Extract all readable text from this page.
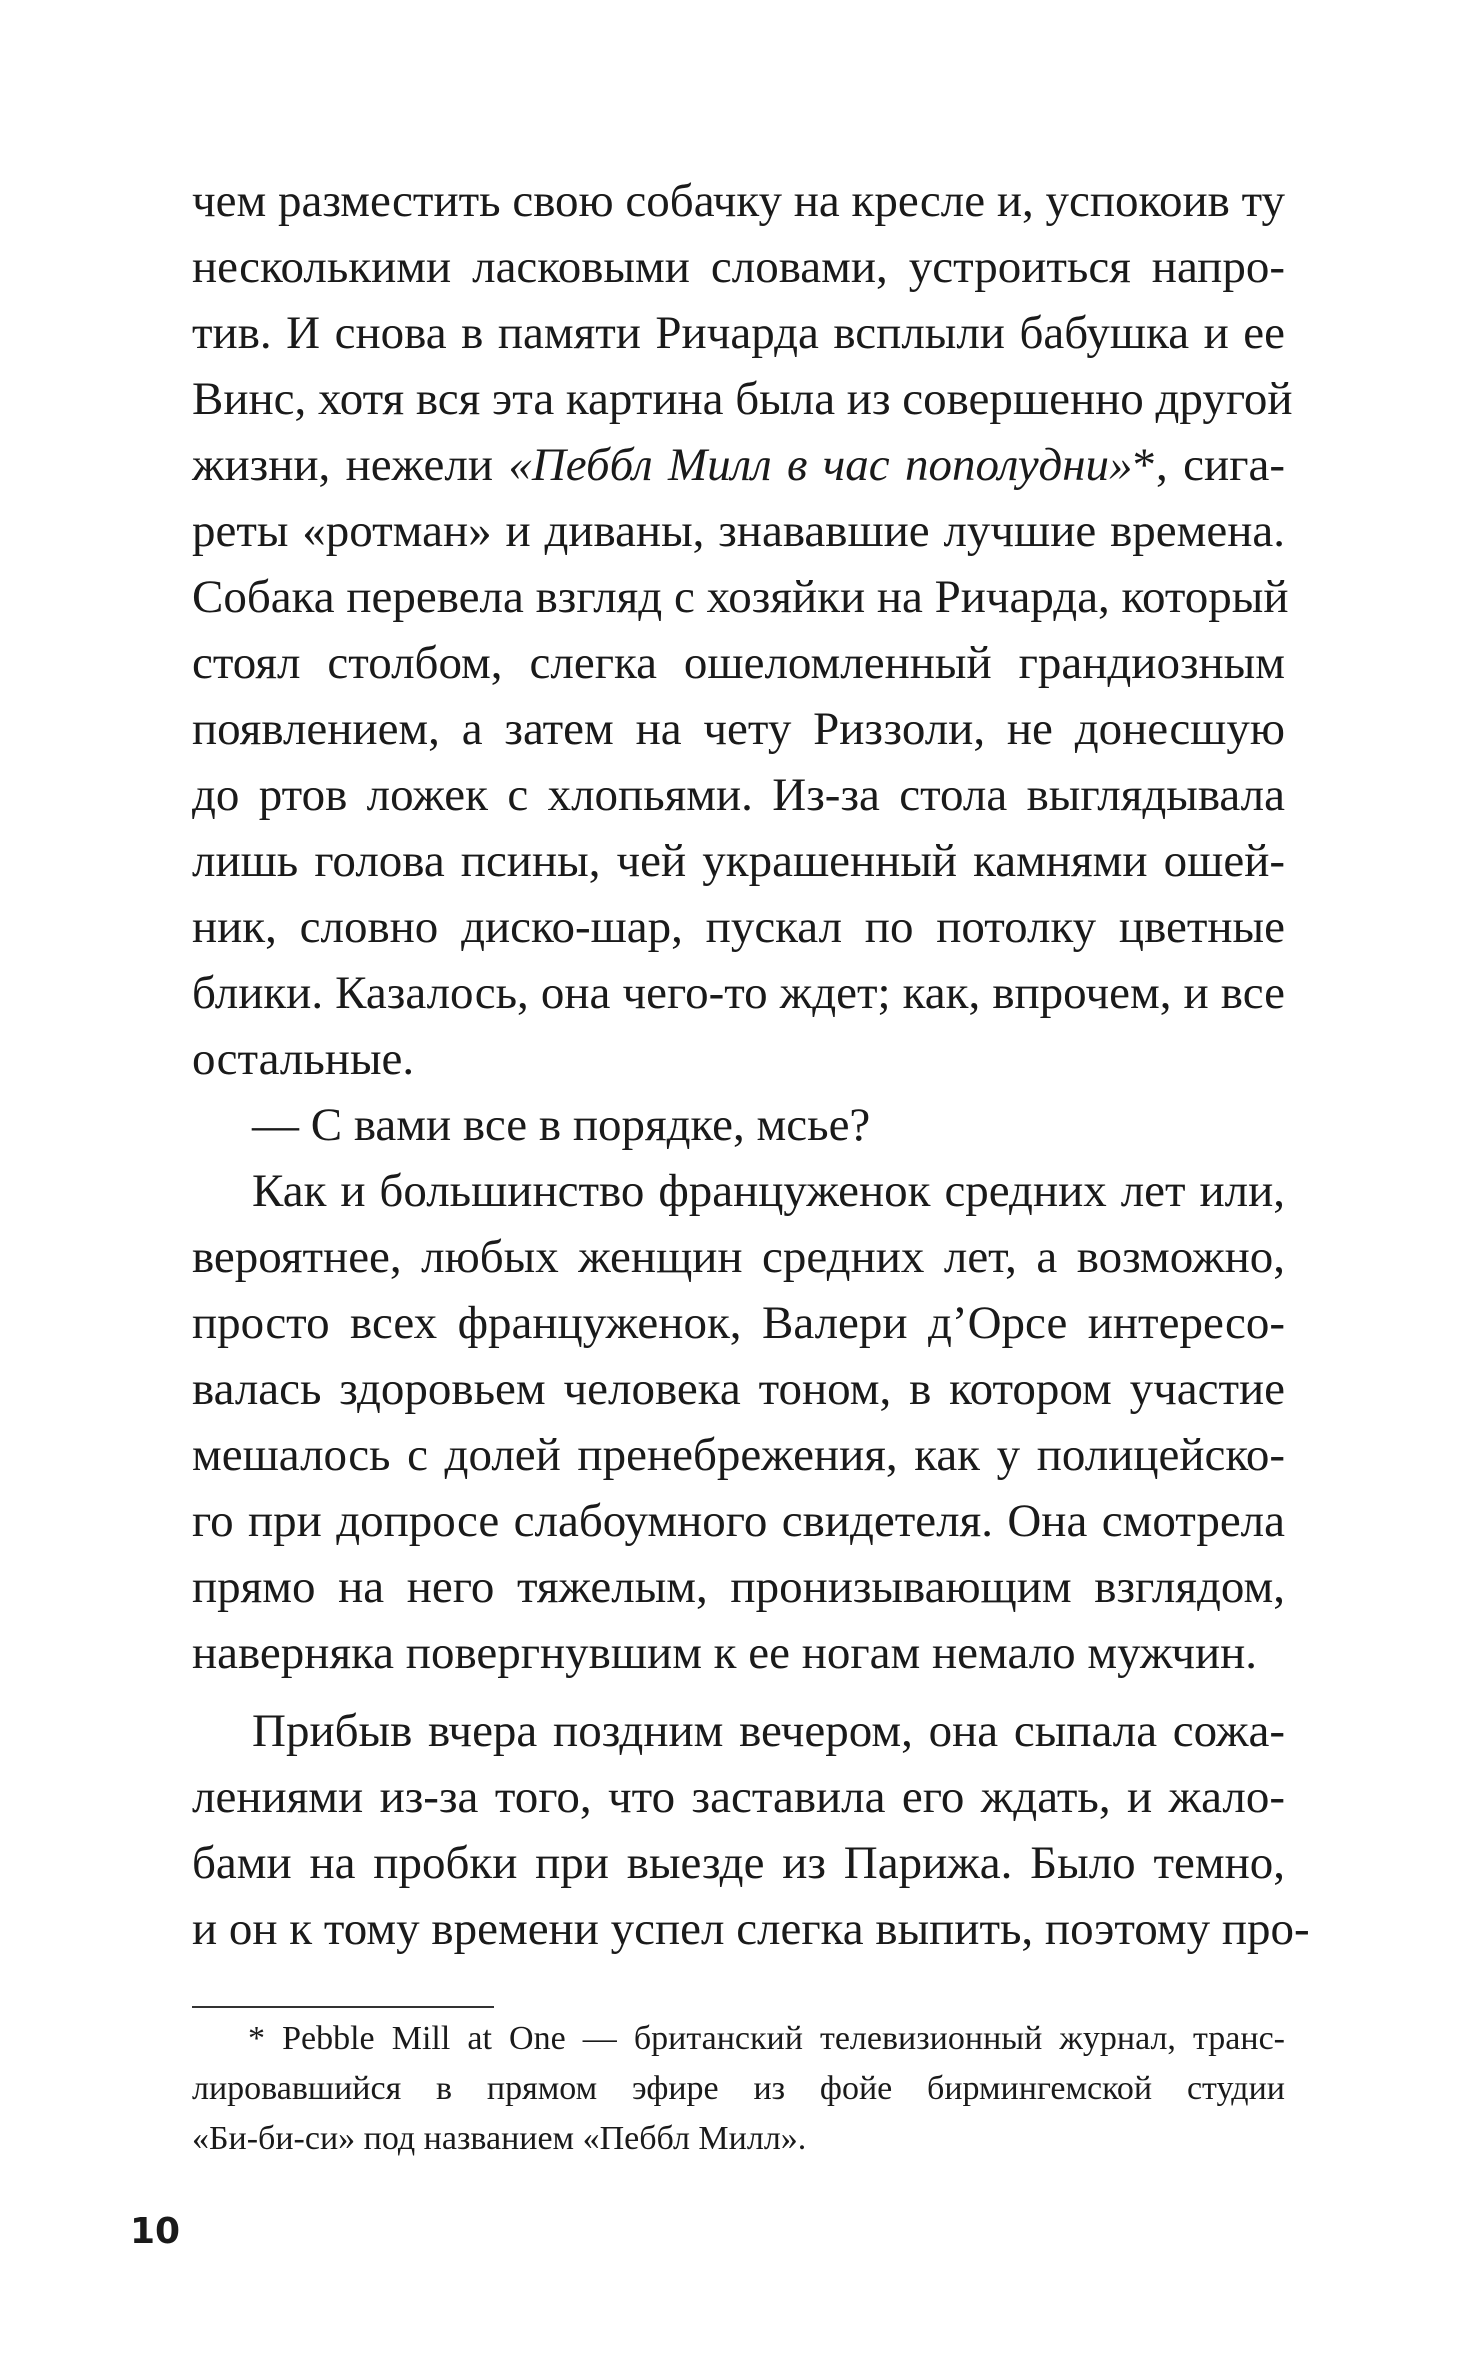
чем разместить свою собачку на кресле и, успокоив ту
несколькими ласковыми словами, устроиться напро-
тив. И снова в памяти Ричарда всплыли бабушка и ее
Винс, хотя вся эта картина была из совершенно другой
жизни, нежели «Пеббл Милл в час пополудни»*, сига-
реты «ротман» и диваны, знававшие лучшие времена.
Собака перевела взгляд с хозяйки на Ричарда, который
стоял столбом, слегка ошеломленный грандиозным
появлением, а затем на чету Риззоли, не донесшую
до ртов ложек с хлопьями. Из-за стола выглядывала
лишь голова псины, чей украшенный камнями ошей-
ник, словно диско-шар, пускал по потолку цветные
блики. Казалось, она чего-то ждет; как, впрочем, и все
остальные.
— С вами все в порядке, мсье?
Как и большинство француженок средних лет или,
вероятнее, любых женщин средних лет, а возможно,
просто всех француженок, Валери д’Орсе интересо-
валась здоровьем человека тоном, в котором участие
мешалось с долей пренебрежения, как у полицейско-
го при допросе слабоумного свидетеля. Она смотрела
прямо на него тяжелым, пронизывающим взглядом,
наверняка повергнувшим к ее ногам немало мужчин.
Прибыв вчера поздним вечером, она сыпала сожа-
лениями из-за того, что заставила его ждать, и жало-
бами на пробки при выезде из Парижа. Было темно,
и он к тому времени успел слегка выпить, поэтому про-
* Pebble Mill at One — британский телевизионный журнал, транс-
лировавшийся в прямом эфире из фойе бирмингемской студии
«Би-би-си» под названием «Пеббл Милл».
10
